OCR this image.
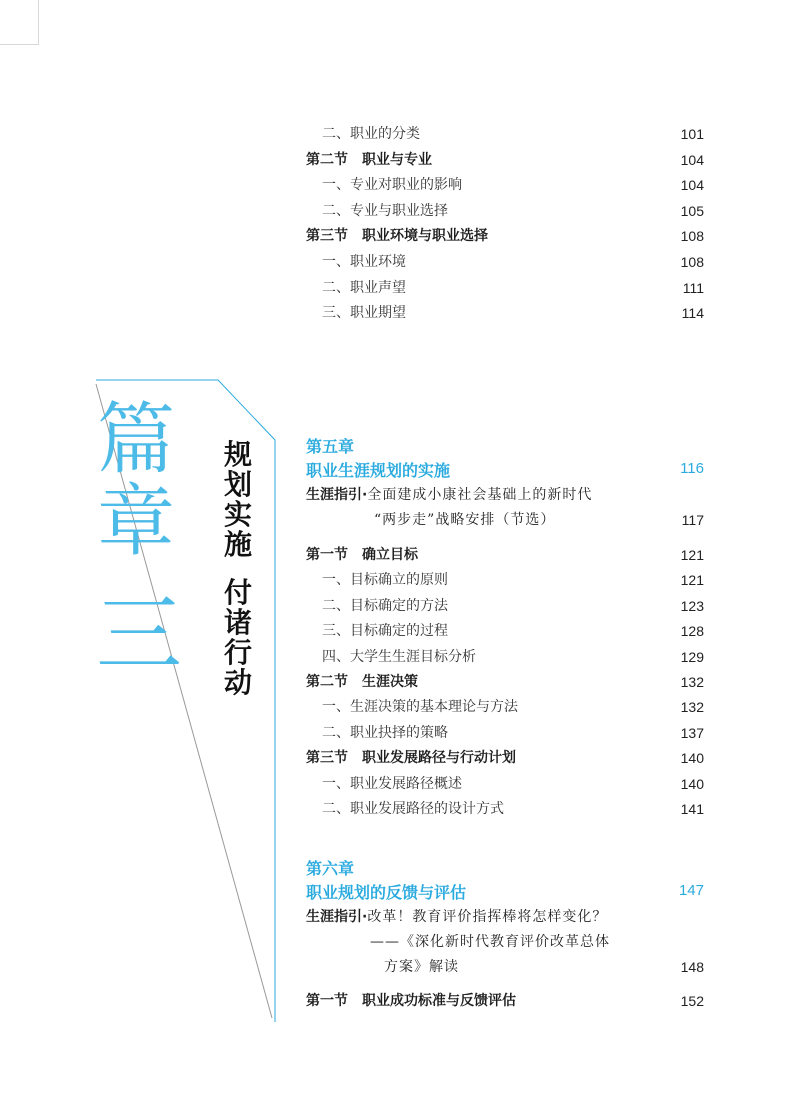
二、职业的分类	101
第二节　职业与专业	104
一、专业对职业的影响	104
二、专业与职业选择	105
第三节　职业环境与职业选择	108
一、职业环境	108
二、职业声望	111
三、职业期望	114
篇
章
三
规
划
实
施
付
诸
行
动
第五章
职业生涯规划的实施	116
生涯指引·全面建成小康社会基础上的新时代
“两步走”战略安排（节选）	117
第一节　确立目标	121
一、目标确立的原则	121
二、目标确定的方法	123
三、目标确定的过程	128
四、大学生生涯目标分析	129
第二节　生涯决策	132
一、生涯决策的基本理论与方法	132
二、职业抉择的策略	137
第三节　职业发展路径与行动计划	140
一、职业发展路径概述	140
二、职业发展路径的设计方式	141
第六章
职业规划的反馈与评估	147
生涯指引·改革！教育评价指挥棒将怎样变化？
——《深化新时代教育评价改革总体
方案》解读	148
第一节　职业成功标准与反馈评估	152
